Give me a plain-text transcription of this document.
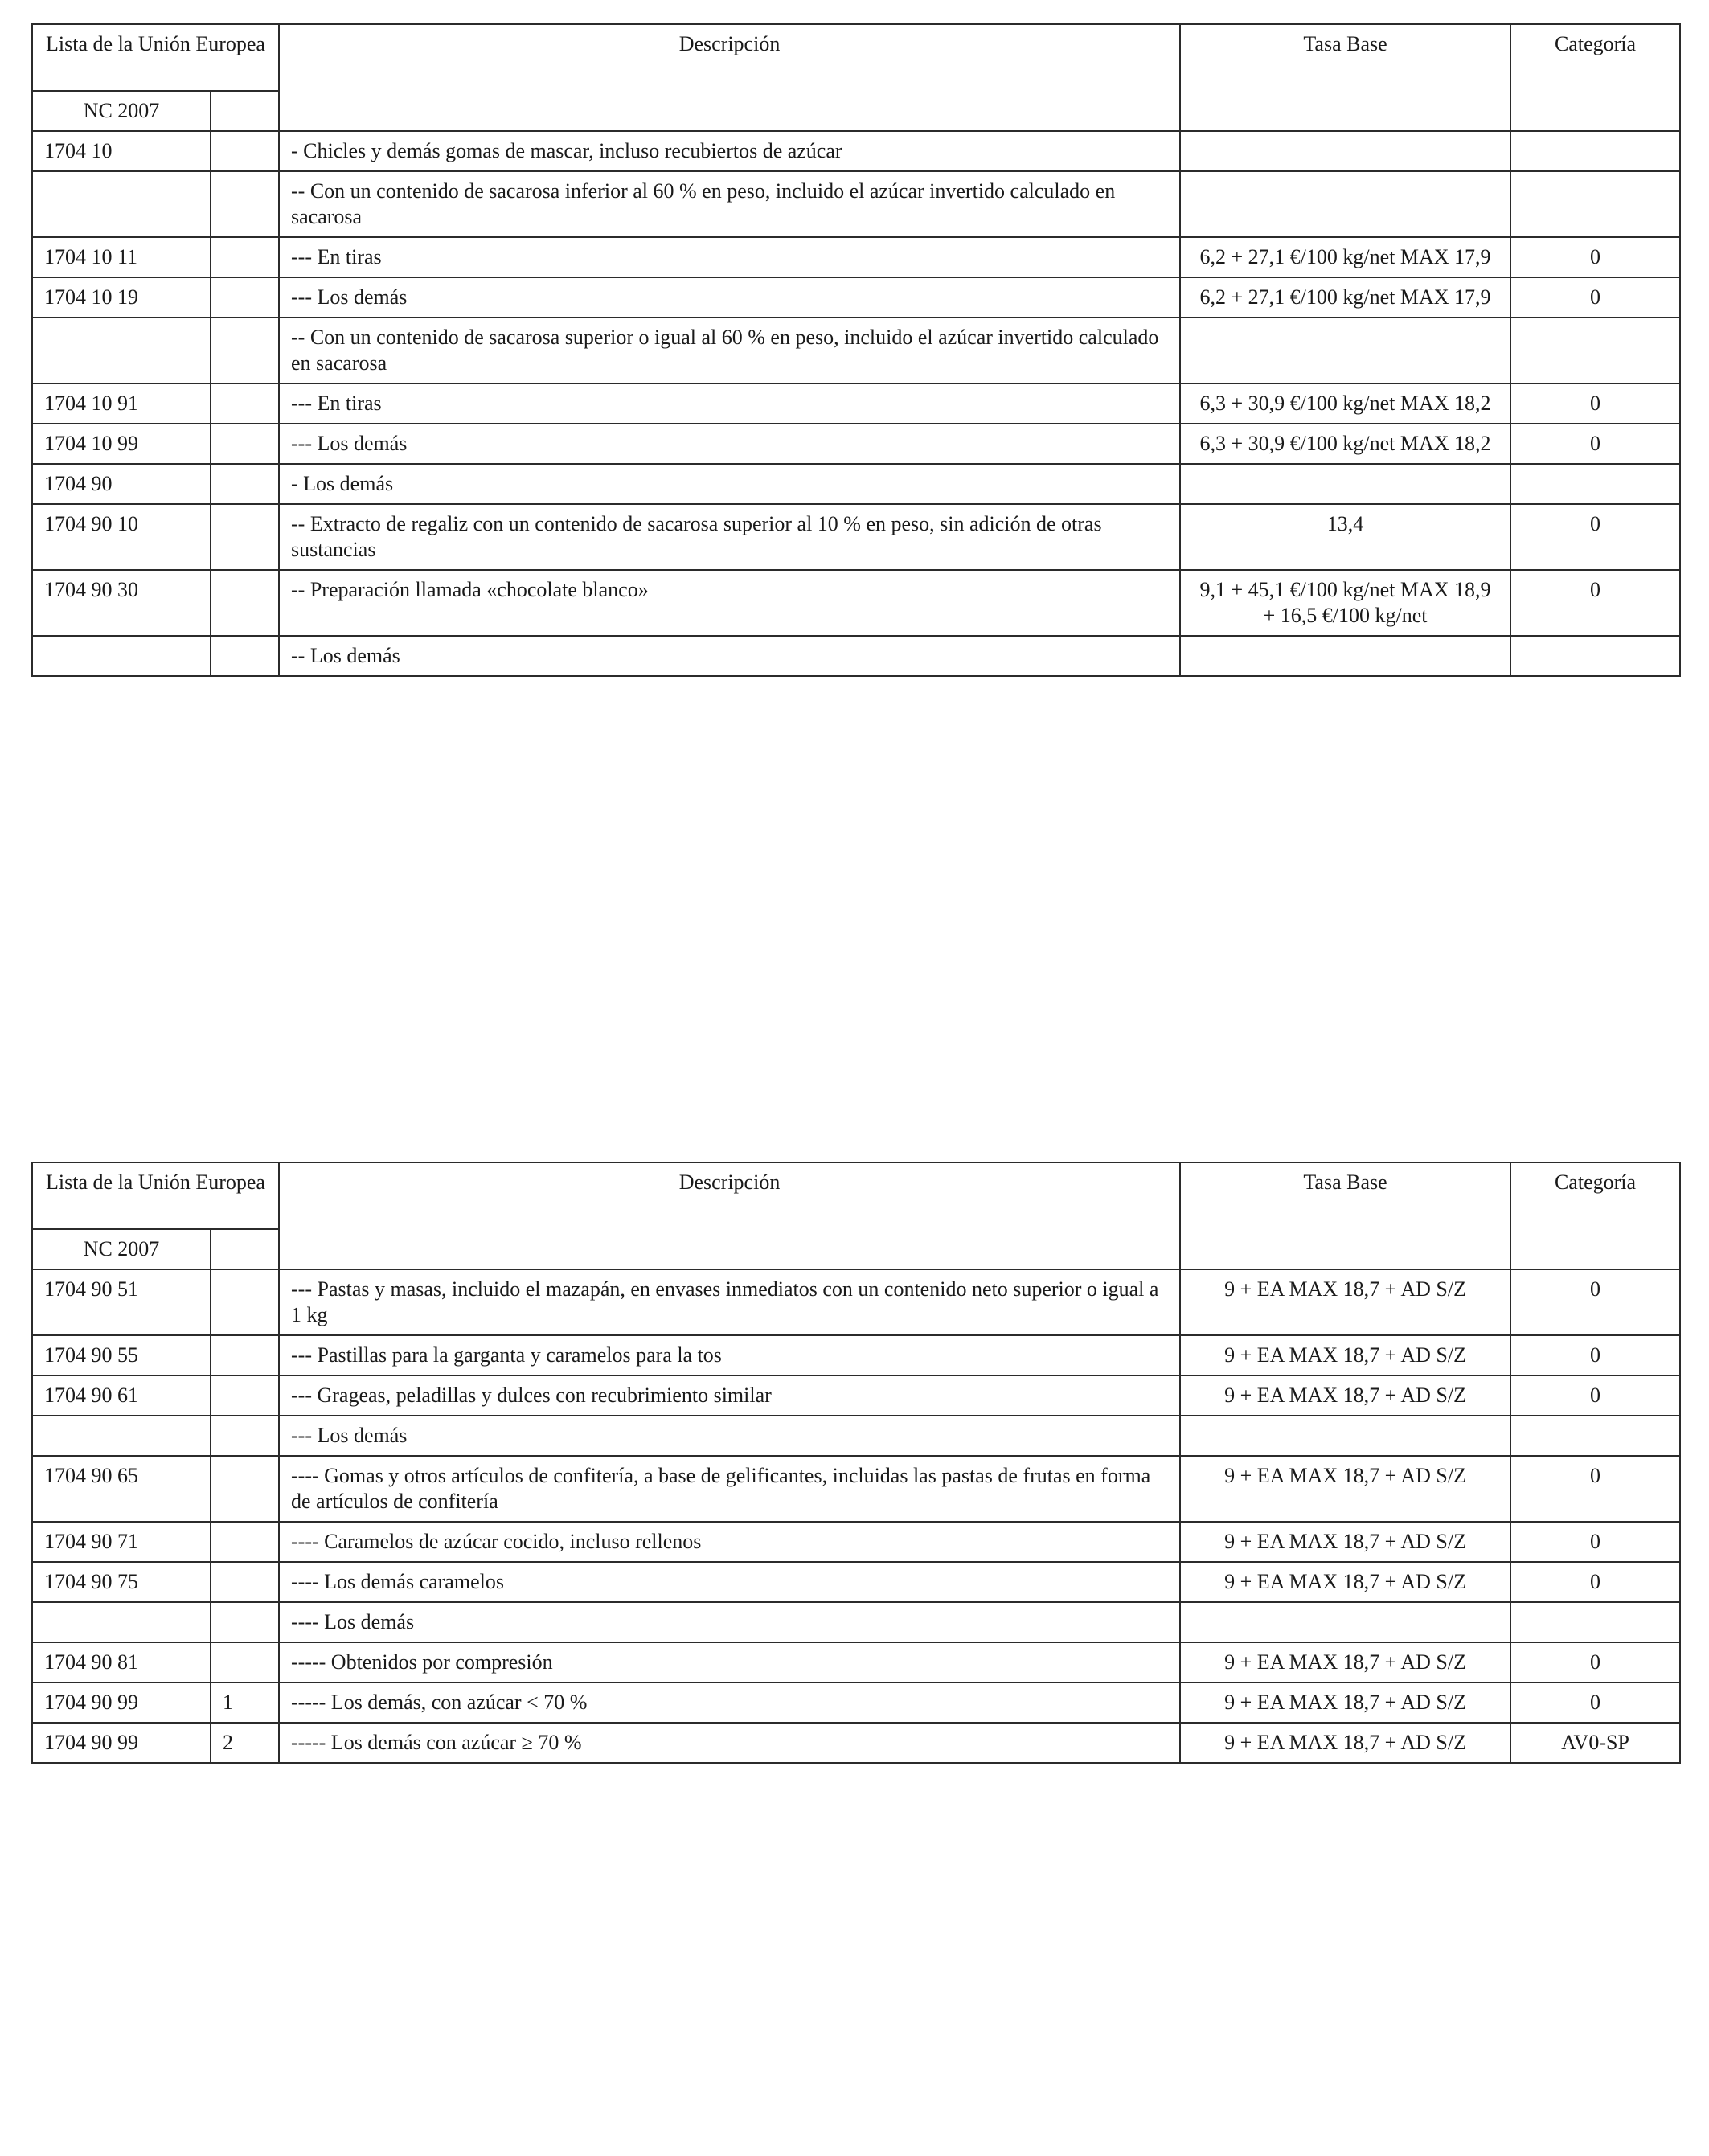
Lista de la Unión Europea		Descripción	Tasa Base	Categoría
NC 2007				
1704 10		- Chicles y demás gomas de mascar, incluso recubiertos de azúcar		
		-- Con un contenido de sacarosa inferior al 60 % en peso, incluido el azúcar invertido calculado en sacarosa		
1704 10 11		--- En tiras	6,2 + 27,1 €/100 kg/net MAX 17,9	0
1704 10 19		--- Los demás	6,2 + 27,1 €/100 kg/net MAX 17,9	0
		-- Con un contenido de sacarosa superior o igual al 60 % en peso, incluido el azúcar invertido calculado en sacarosa		
1704 10 91		--- En tiras	6,3 + 30,9 €/100 kg/net MAX 18,2	0
1704 10 99		--- Los demás	6,3 + 30,9 €/100 kg/net MAX 18,2	0
1704 90		- Los demás		
1704 90 10		-- Extracto de regaliz con un contenido de sacarosa superior al 10 % en peso, sin adición de otras sustancias	13,4	0
1704 90 30		-- Preparación llamada «chocolate blanco»	9,1 + 45,1 €/100 kg/net MAX 18,9 + 16,5 €/100 kg/net	0
		-- Los demás		
Lista de la Unión Europea		Descripción	Tasa Base	Categoría
NC 2007				
1704 90 51		--- Pastas y masas, incluido el mazapán, en envases inmediatos con un contenido neto superior o igual a 1 kg	9 + EA MAX 18,7 + AD S/Z	0
1704 90 55		--- Pastillas para la garganta y caramelos para la tos	9 + EA MAX 18,7 + AD S/Z	0
1704 90 61		--- Grageas, peladillas y dulces con recubrimiento similar	9 + EA MAX 18,7 + AD S/Z	0
		--- Los demás		
1704 90 65		---- Gomas y otros artículos de confitería, a base de gelificantes, incluidas las pastas de frutas en forma de artículos de confitería	9 + EA MAX 18,7 + AD S/Z	0
1704 90 71		---- Caramelos de azúcar cocido, incluso rellenos	9 + EA MAX 18,7 + AD S/Z	0
1704 90 75		---- Los demás caramelos	9 + EA MAX 18,7 + AD S/Z	0
		---- Los demás		
1704 90 81		----- Obtenidos por compresión	9 + EA MAX 18,7 + AD S/Z	0
1704 90 99	1	----- Los demás, con azúcar < 70 %	9 + EA MAX 18,7 + AD S/Z	0
1704 90 99	2	----- Los demás con azúcar ≥ 70 %	9 + EA MAX 18,7 + AD S/Z	AV0-SP
